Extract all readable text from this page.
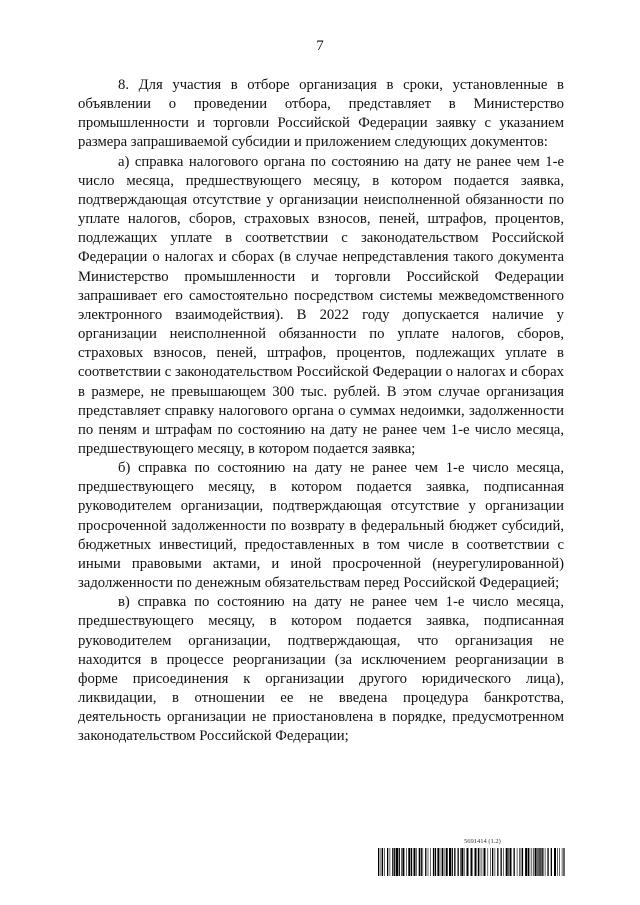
7

8. Для участия в отборе организация в сроки, установленные в объявлении о проведении отбора, представляет в Министерство промышленности и торговли Российской Федерации заявку с указанием размера запрашиваемой субсидии и приложением следующих документов:

а) справка налогового органа по состоянию на дату не ранее чем 1-е число месяца, предшествующего месяцу, в котором подается заявка, подтверждающая отсутствие у организации неисполненной обязанности по уплате налогов, сборов, страховых взносов, пеней, штрафов, процентов, подлежащих уплате в соответствии с законодательством Российской Федерации о налогах и сборах (в случае непредставления такого документа Министерство промышленности и торговли Российской Федерации запрашивает его самостоятельно посредством системы межведомственного электронного взаимодействия). В 2022 году допускается наличие у организации неисполненной обязанности по уплате налогов, сборов, страховых взносов, пеней, штрафов, процентов, подлежащих уплате в соответствии с законодательством Российской Федерации о налогах и сборах в размере, не превышающем 300 тыс. рублей. В этом случае организация представляет справку налогового органа о суммах недоимки, задолженности по пеням и штрафам по состоянию на дату не ранее чем 1-е число месяца, предшествующего месяцу, в котором подается заявка;

б) справка по состоянию на дату не ранее чем 1-е число месяца, предшествующего месяцу, в котором подается заявка, подписанная руководителем организации, подтверждающая отсутствие у организации просроченной задолженности по возврату в федеральный бюджет субсидий, бюджетных инвестиций, предоставленных в том числе в соответствии с иными правовыми актами, и иной просроченной (неурегулированной) задолженности по денежным обязательствам перед Российской Федерацией;

в) справка по состоянию на дату не ранее чем 1-е число месяца, предшествующего месяцу, в котором подается заявка, подписанная руководителем организации, подтверждающая, что организация не находится в процессе реорганизации (за исключением реорганизации в форме присоединения к организации другого юридического лица), ликвидации, в отношении ее не введена процедура банкротства, деятельность организации не приостановлена в порядке, предусмотренном законодательством Российской Федерации;

5691414 (1.2)
